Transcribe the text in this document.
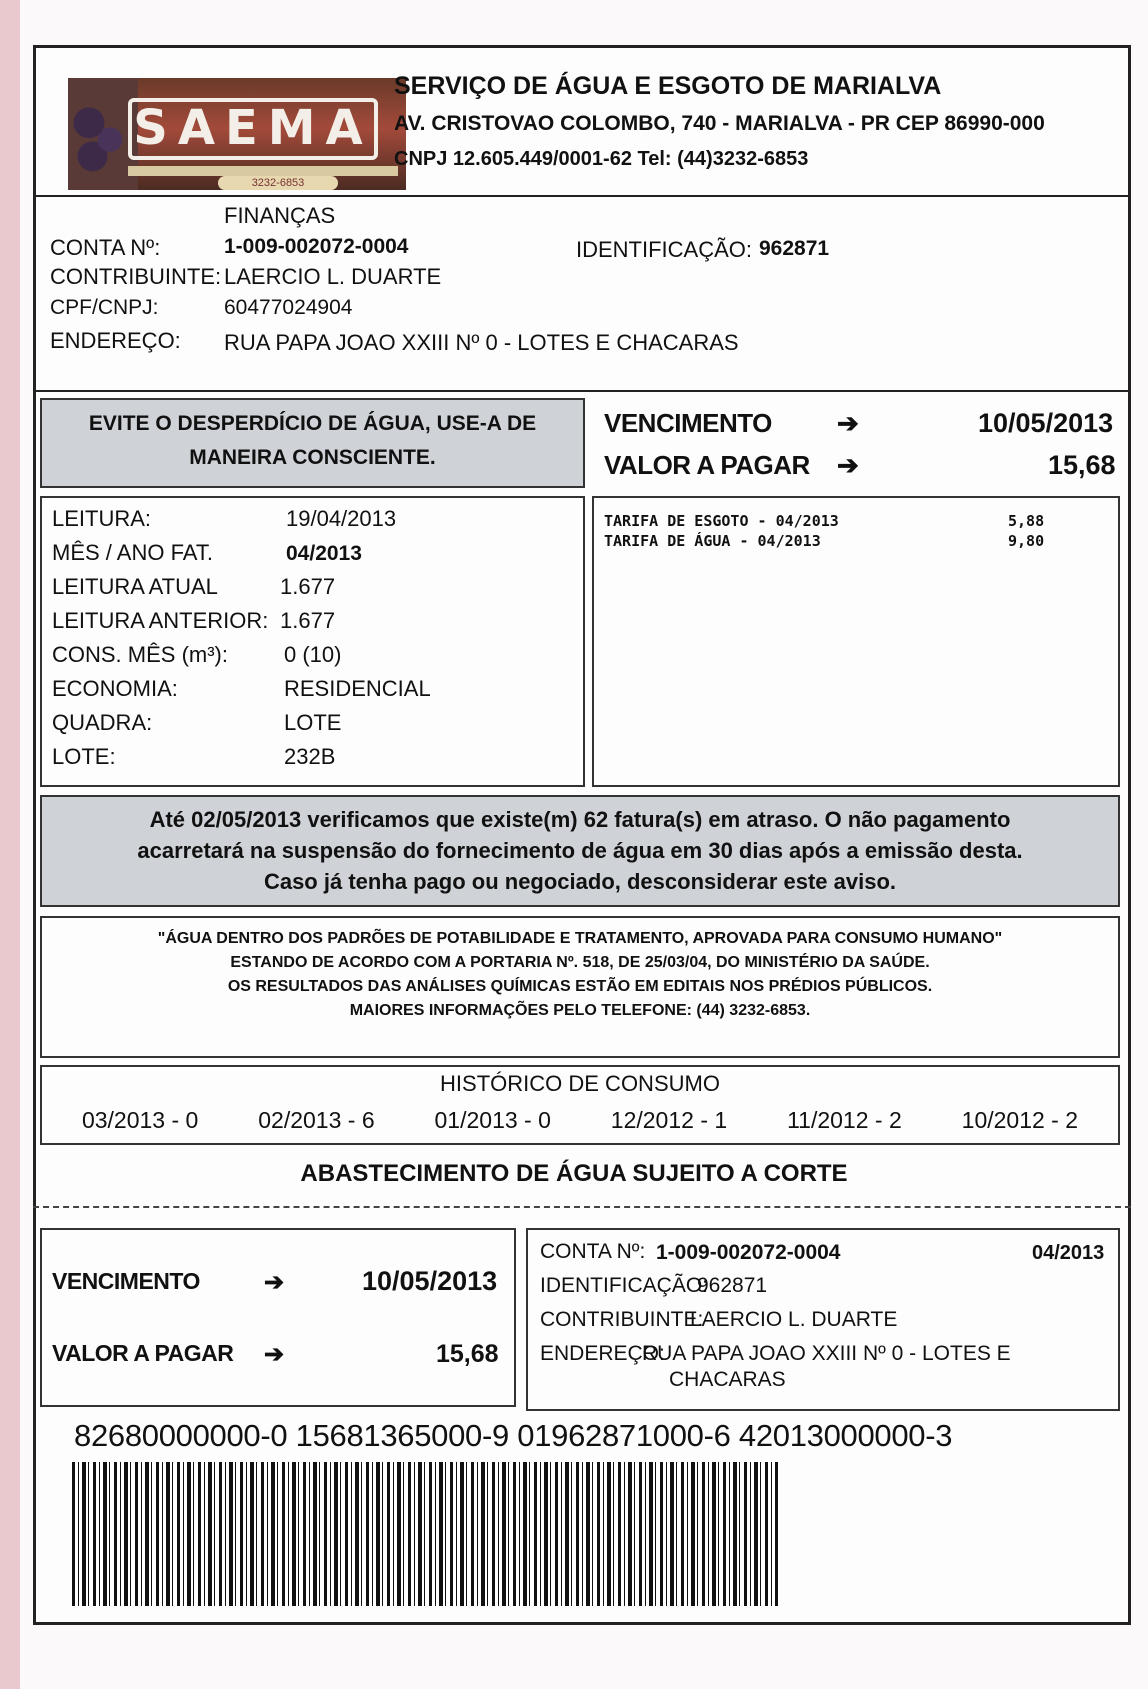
SAEMA
3232-6853
SERVIÇO DE ÁGUA E ESGOTO DE MARIALVA
AV. CRISTOVAO COLOMBO, 740 - MARIALVA - PR CEP 86990-000
CNPJ 12.605.449/0001-62 Tel: (44)3232-6853
FINANÇAS
CONTA Nº:	1-009-002072-0004	IDENTIFICAÇÃO: 962871
CONTRIBUINTE: LAERCIO L. DUARTE
CPF/CNPJ:	60477024904
ENDEREÇO: RUA PAPA JOAO XXIII Nº 0 - LOTES E CHACARAS
EVITE O DESPERDÍCIO DE ÁGUA, USE-A DE
MANEIRA CONSCIENTE.
VENCIMENTO	➔	10/05/2013
VALOR A PAGAR ➔	15,68
LEITURA:	19/04/2013
MÊS / ANO FAT.	04/2013
LEITURA ATUAL	1.677
LEITURA ANTERIOR: 1.677
CONS. MÊS (m³):	0 (10)
ECONOMIA:	RESIDENCIAL
QUADRA:	LOTE
LOTE:	232B
TARIFA DE ESGOTO - 04/2013	5,88
TARIFA DE ÁGUA - 04/2013	9,80
Até 02/05/2013 verificamos que existe(m) 62 fatura(s) em atraso. O não pagamento
acarretará na suspensão do fornecimento de água em 30 dias após a emissão desta.
Caso já tenha pago ou negociado, desconsiderar este aviso.
"ÁGUA DENTRO DOS PADRÕES DE POTABILIDADE E TRATAMENTO, APROVADA PARA CONSUMO HUMANO"
ESTANDO DE ACORDO COM A PORTARIA Nº. 518, DE 25/03/04, DO MINISTÉRIO DA SAÚDE.
OS RESULTADOS DAS ANÁLISES QUÍMICAS ESTÃO EM EDITAIS NOS PRÉDIOS PÚBLICOS.
MAIORES INFORMAÇÕES PELO TELEFONE: (44) 3232-6853.
HISTÓRICO DE CONSUMO
03/2013 - 0	02/2013 - 6	01/2013 - 0	12/2012 - 1	11/2012 - 2	10/2012 - 2
ABASTECIMENTO DE ÁGUA SUJEITO A CORTE
VENCIMENTO	➔	10/05/2013
VALOR A PAGAR ➔	15,68
CONTA Nº: 1-009-002072-0004	04/2013
IDENTIFICAÇÃO:
962871
CONTRIBUINTE:
LAERCIO L. DUARTE
ENDEREÇO:
RUA PAPA JOAO XXIII Nº 0 - LOTES E
CHACARAS
82680000000-0 15681365000-9 01962871000-6 42013000000-3
